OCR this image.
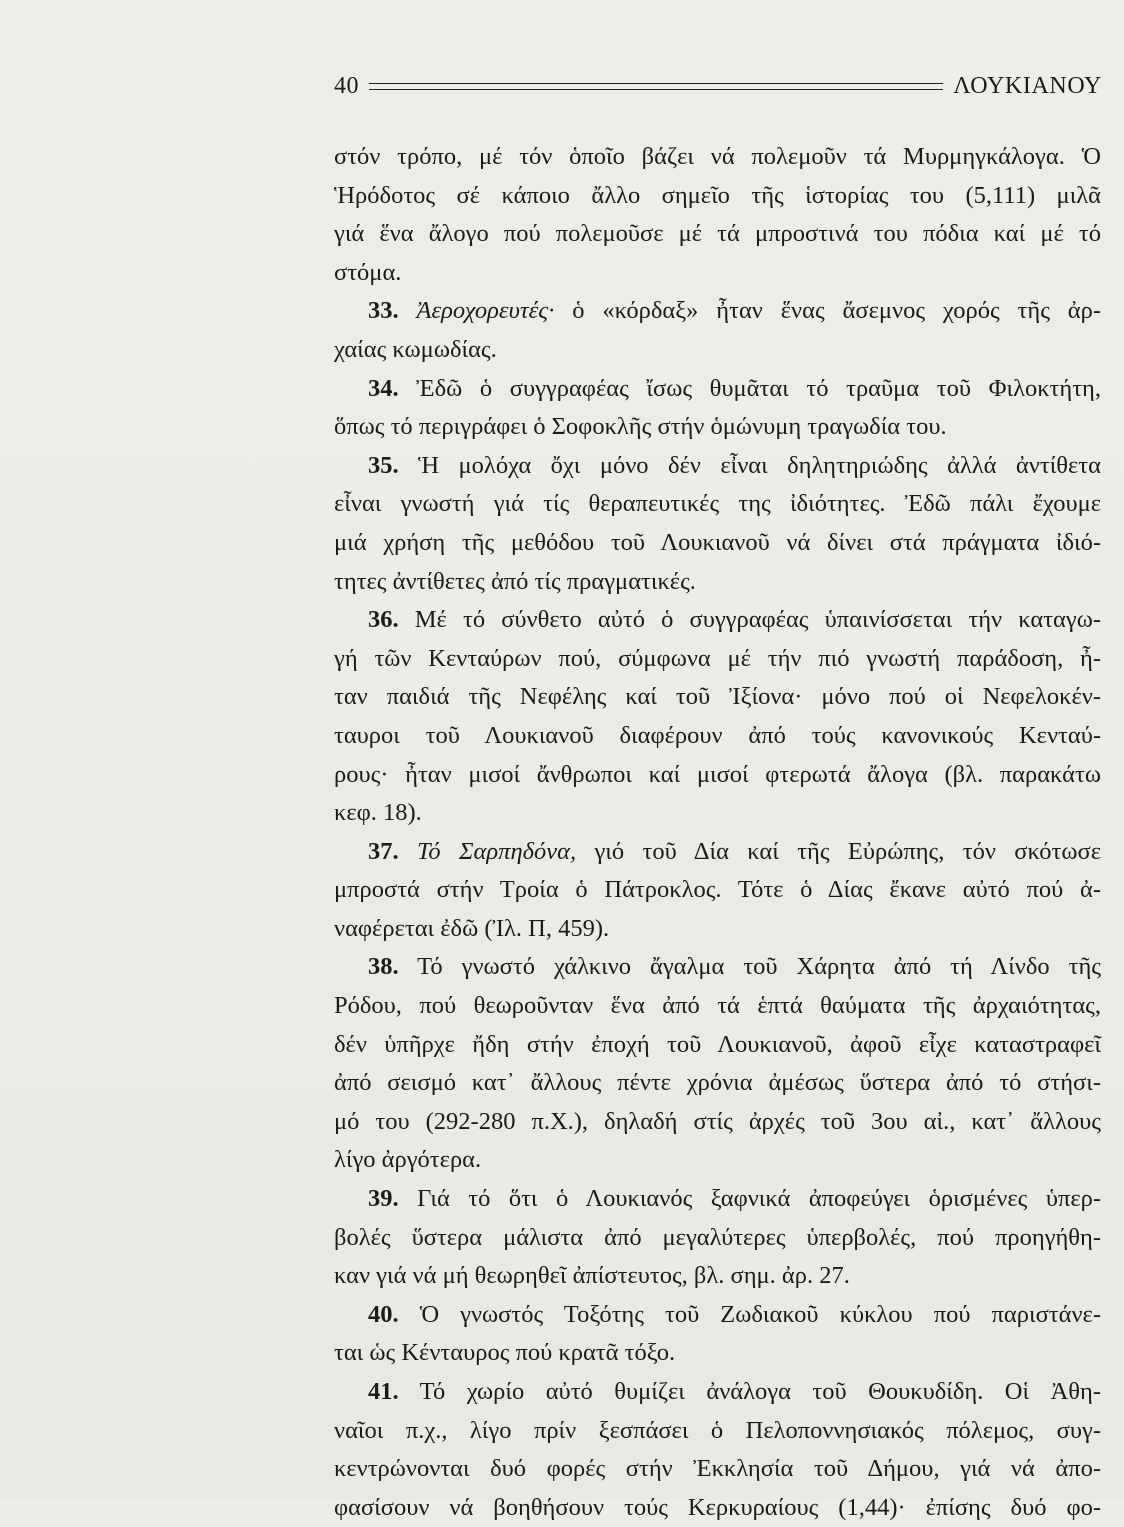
40	ΛΟΥΚΙΑΝΟΥ
στόν τρόπο, μέ τόν ὁποῖο βάζει νά πολεμοῦν τά Μυρμηγκάλογα. Ὁ
Ἡρόδοτος σέ κάποιο ἄλλο σημεῖο τῆς ἱστορίας του (5,111) μιλᾶ
γιά ἕνα ἄλογο πού πολεμοῦσε μέ τά μπροστινά του πόδια καί μέ τό
στόμα.
33. Ἀεροχορευτές· ὁ «κόρδαξ» ἦταν ἕνας ἄσεμνος χορός τῆς ἀρ-
χαίας κωμωδίας.
34. Ἐδῶ ὁ συγγραφέας ἴσως θυμᾶται τό τραῦμα τοῦ Φιλοκτήτη,
ὅπως τό περιγράφει ὁ Σοφοκλῆς στήν ὁμώνυμη τραγωδία του.
35. Ἡ μολόχα ὄχι μόνο δέν εἶναι δηλητηριώδης ἀλλά ἀντίθετα
εἶναι γνωστή γιά τίς θεραπευτικές της ἰδιότητες. Ἐδῶ πάλι ἔχουμε
μιά χρήση τῆς μεθόδου τοῦ Λουκιανοῦ νά δίνει στά πράγματα ἰδιό-
τητες ἀντίθετες ἀπό τίς πραγματικές.
36. Μέ τό σύνθετο αὐτό ὁ συγγραφέας ὑπαινίσσεται τήν καταγω-
γή τῶν Κενταύρων πού, σύμφωνα μέ τήν πιό γνωστή παράδοση, ἦ-
ταν παιδιά τῆς Νεφέλης καί τοῦ Ἰξίονα· μόνο πού οἱ Νεφελοκέν-
ταυροι τοῦ Λουκιανοῦ διαφέρουν ἀπό τούς κανονικούς Κενταύ-
ρους· ἦταν μισοί ἄνθρωποι καί μισοί φτερωτά ἄλογα (βλ. παρακάτω
κεφ. 18).
37. Τό Σαρπηδόνα, γιό τοῦ Δία καί τῆς Εὐρώπης, τόν σκότωσε
μπροστά στήν Τροία ὁ Πάτροκλος. Τότε ὁ Δίας ἔκανε αὐτό πού ἀ-
ναφέρεται ἐδῶ (Ἰλ. Π, 459).
38. Τό γνωστό χάλκινο ἄγαλμα τοῦ Χάρητα ἀπό τή Λίνδο τῆς
Ρόδου, πού θεωροῦνταν ἕνα ἀπό τά ἑπτά θαύματα τῆς ἀρχαιότητας,
δέν ὑπῆρχε ἤδη στήν ἐποχή τοῦ Λουκιανοῦ, ἀφοῦ εἶχε καταστραφεῖ
ἀπό σεισμό κατ᾽ ἄλλους πέντε χρόνια ἀμέσως ὕστερα ἀπό τό στήσι-
μό του (292-280 π.Χ.), δηλαδή στίς ἀρχές τοῦ 3ου αἰ., κατ᾽ ἄλλους
λίγο ἀργότερα.
39. Γιά τό ὅτι ὁ Λουκιανός ξαφνικά ἀποφεύγει ὁρισμένες ὑπερ-
βολές ὕστερα μάλιστα ἀπό μεγαλύτερες ὑπερβολές, πού προηγήθη-
καν γιά νά μή θεωρηθεῖ ἀπίστευτος, βλ. σημ. ἀρ. 27.
40. Ὁ γνωστός Τοξότης τοῦ Ζωδιακοῦ κύκλου πού παριστάνε-
ται ὡς Κένταυρος πού κρατᾶ τόξο.
41. Τό χωρίο αὐτό θυμίζει ἀνάλογα τοῦ Θουκυδίδη. Οἱ Ἀθη-
ναῖοι π.χ., λίγο πρίν ξεσπάσει ὁ Πελοποννησιακός πόλεμος, συγ-
κεντρώνονται δυό φορές στήν Ἐκκλησία τοῦ Δήμου, γιά νά ἀπο-
φασίσουν νά βοηθήσουν τούς Κερκυραίους (1,44)· ἐπίσης δυό φο-
